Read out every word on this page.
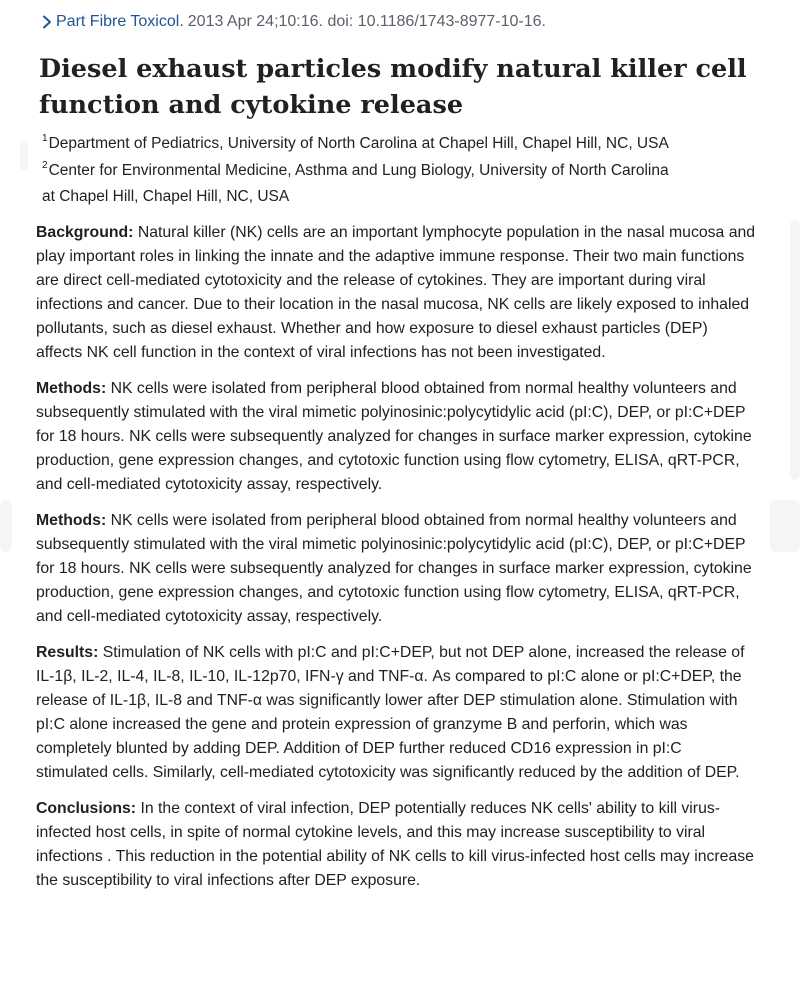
Part Fibre Toxicol . 2013 Apr 24;10:16. doi: 10.1186/1743-8977-10-16.
Diesel exhaust particles modify natural killer cell function and cytokine release
$^1$Department of Pediatrics, University of North Carolina at Chapel Hill, Chapel Hill, NC, USA
$^2$Center for Environmental Medicine, Asthma and Lung Biology, University of North Carolina at Chapel Hill, Chapel Hill, NC, USA

Background: Natural killer (NK) cells are an important lymphocyte population in the nasal mucosa and play important roles in linking the innate and the adaptive immune response. Their two main functions are direct cell-mediated cytotoxicity and the release of cytokines. They are important during viral infections and cancer. Due to their location in the nasal mucosa, NK cells are likely exposed to inhaled pollutants, such as diesel exhaust. Whether and how exposure to diesel exhaust particles (DEP) affects NK cell function in the context of viral infections has not been investigated.

Methods: NK cells were isolated from peripheral blood obtained from normal healthy volunteers and subsequently stimulated with the viral mimetic polyinosinic:polycytidylic acid (pI:C), DEP, or pI:C+DEP for 18 hours. NK cells were subsequently analyzed for changes in surface marker expression, cytokine production, gene expression changes, and cytotoxic function using flow cytometry, ELISA, qRT-PCR, and cell-mediated cytotoxicity assay, respectively.

Methods: NK cells were isolated from peripheral blood obtained from normal healthy volunteers and subsequently stimulated with the viral mimetic polyinosinic:polycytidylic acid (pI:C), DEP, or pI:C+DEP for 18 hours. NK cells were subsequently analyzed for changes in surface marker expression, cytokine production, gene expression changes, and cytotoxic function using flow cytometry, ELISA, qRT-PCR, and cell-mediated cytotoxicity assay, respectively.

Results: Stimulation of NK cells with pI:C and pI:C+DEP, but not DEP alone, increased the release of IL-1β, IL-2, IL-4, IL-8, IL-10, IL-12p70, IFN-γ and TNF-α. As compared to pI:C alone or pI:C+DEP, the release of IL-1β, IL-8 and TNF-α was significantly lower after DEP stimulation alone. Stimulation with pI:C alone increased the gene and protein expression of granzyme B and perforin, which was completely blunted by adding DEP. Addition of DEP further reduced CD16 expression in pI:C stimulated cells. Similarly, cell-mediated cytotoxicity was significantly reduced by the addition of DEP.

Conclusions: In the context of viral infection, DEP potentially reduces NK cells' ability to kill virus-infected host cells, in spite of normal cytokine levels, and this may increase susceptibility to viral infections . This reduction in the potential ability of NK cells to kill virus-infected host cells may increase the susceptibility to viral infections after DEP exposure.
